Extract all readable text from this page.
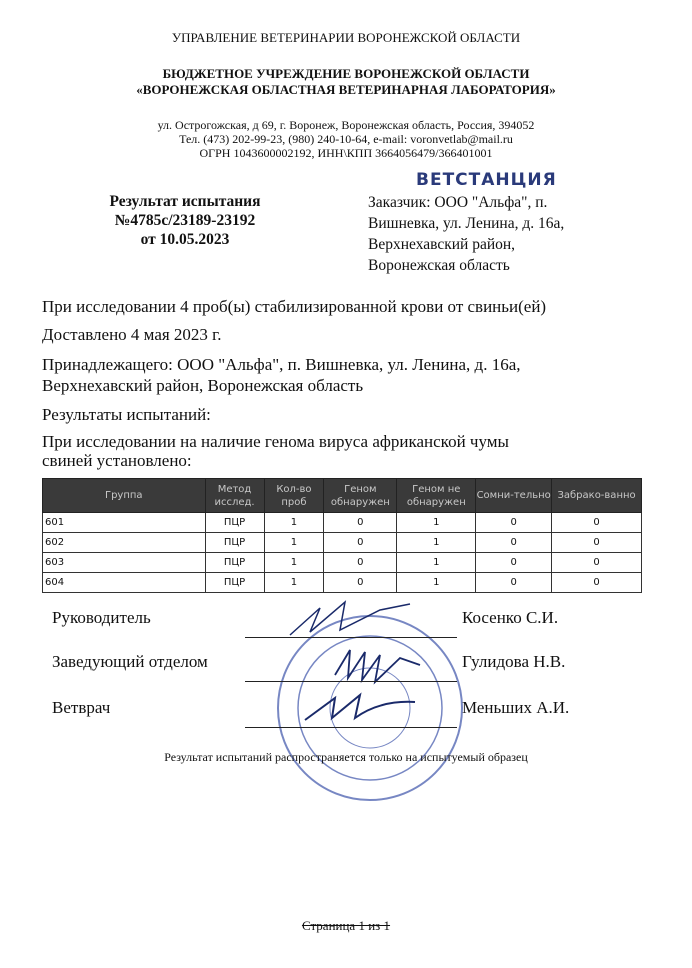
УПРАВЛЕНИЕ ВЕТЕРИНАРИИ ВОРОНЕЖСКОЙ ОБЛАСТИ
БЮДЖЕТНОЕ УЧРЕЖДЕНИЕ ВОРОНЕЖСКОЙ ОБЛАСТИ
«ВОРОНЕЖСКАЯ ОБЛАСТНАЯ ВЕТЕРИНАРНАЯ ЛАБОРАТОРИЯ»
ул. Острогожская, д 69, г. Воронеж, Воронежская область, Россия, 394052
Тел. (473) 202-99-23, (980) 240-10-64, e-mail: voronvetlab@mail.ru
ОГРН 1043600002192, ИНН\КПП 3664056479/366401001
Результат испытания
№4785с/23189-23192
от 10.05.2023
ВЕТСТАНЦИЯ
Заказчик: ООО "Альфа", п.
Вишневка, ул. Ленина, д. 16а,
Верхнехавский район,
Воронежская область
При исследовании 4 проб(ы) стабилизированной крови от свиньи(ей)
Доставлено 4 мая 2023 г.
Принадлежащего: ООО "Альфа", п. Вишневка, ул. Ленина, д. 16а,
Верхнехавский район, Воронежская область
Результаты испытаний:
При исследовании на наличие генома вируса африканской чумы
свиней установлено:
Группа	Метод исслед.	Кол-во проб	Геном обнаружен	Геном не обнаружен	Сомни-тельно	Забрако-ванно
601	ПЦР	1	0	1	0	0
602	ПЦР	1	0	1	0	0
603	ПЦР	1	0	1	0	0
604	ПЦР	1	0	1	0	0
Руководитель	Косенко С.И.
Заведующий отделом	Гулидова Н.В.
Ветврач	Меньших А.И.
Результат испытаний распространяется только на испытуемый образец
Страница 1 из 1
